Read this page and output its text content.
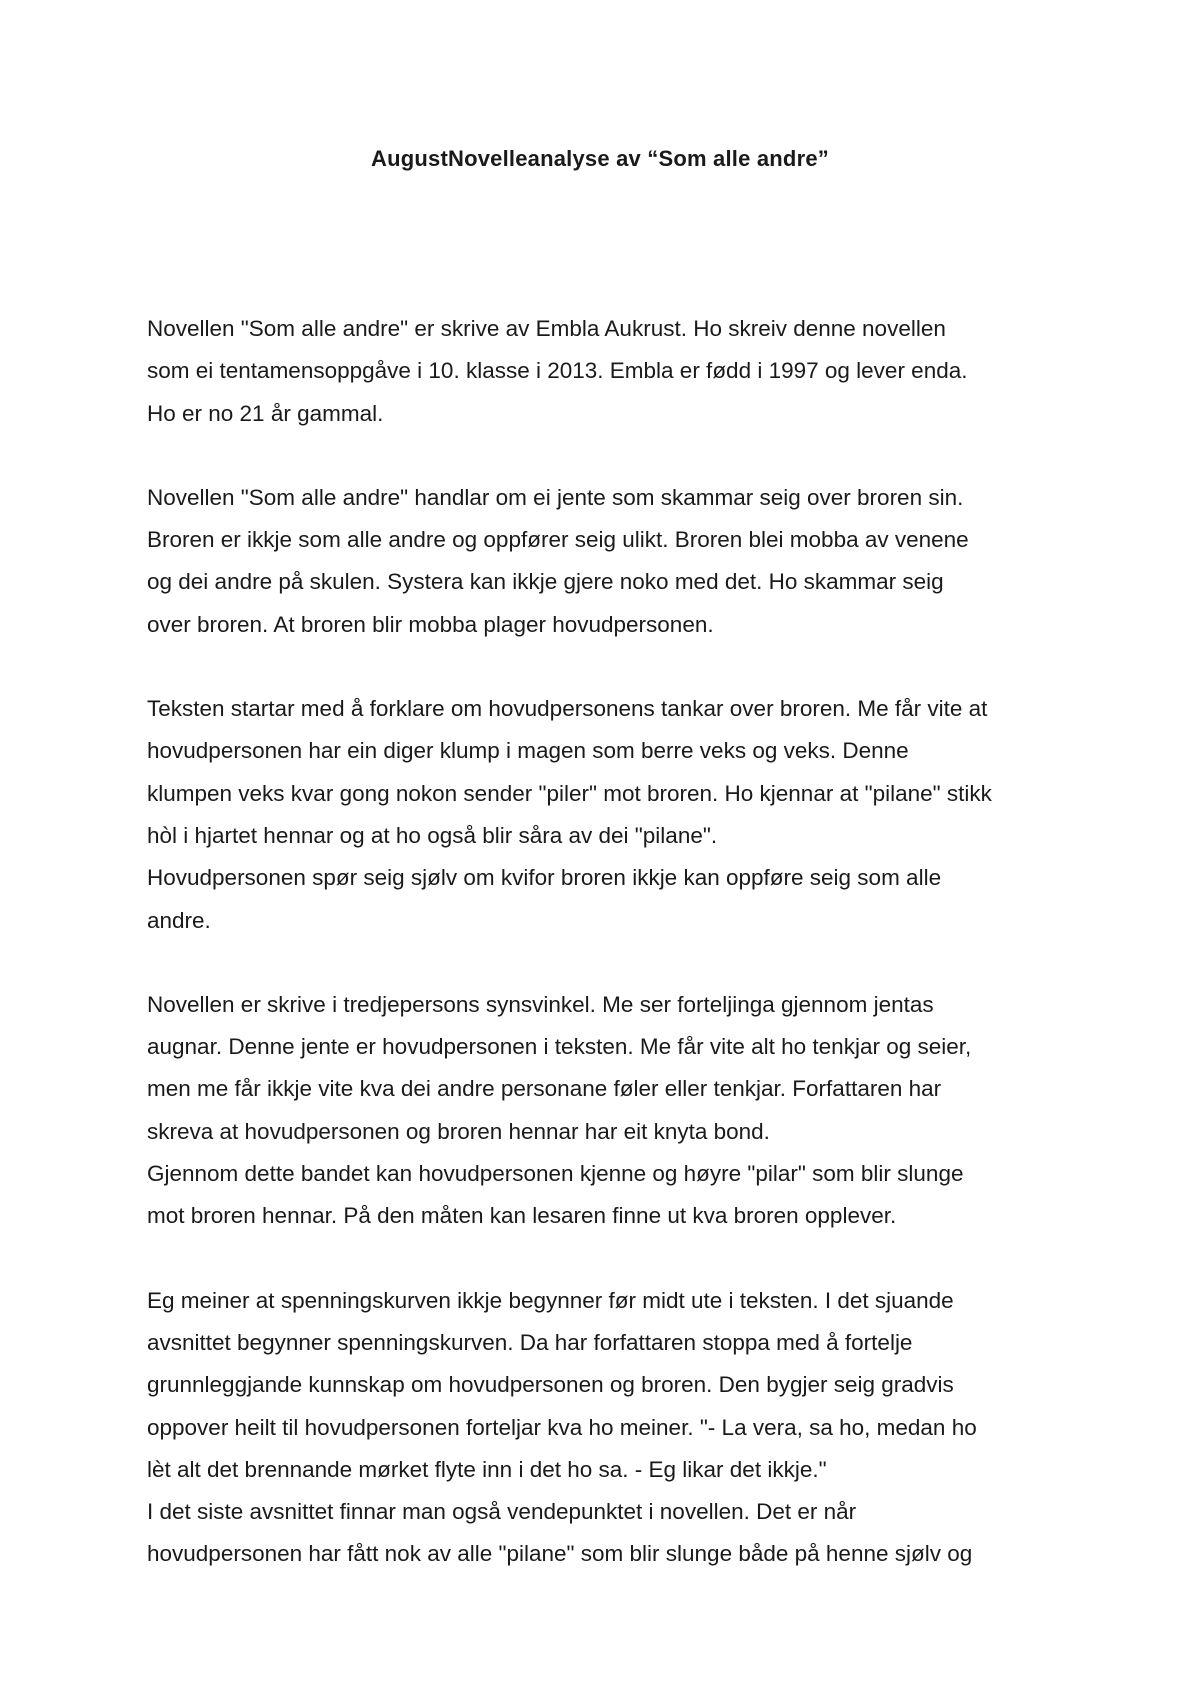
AugustNovelleanalyse av “Som alle andre”

Novellen "Som alle andre" er skrive av Embla Aukrust. Ho skreiv denne novellen
som ei tentamensoppgåve i 10. klasse i 2013. Embla er fødd i 1997 og lever enda.
Ho er no 21 år gammal.

Novellen "Som alle andre" handlar om ei jente som skammar seig over broren sin.
Broren er ikkje som alle andre og oppfører seig ulikt. Broren blei mobba av venene
og dei andre på skulen. Systera kan ikkje gjere noko med det. Ho skammar seig
over broren. At broren blir mobba plager hovudpersonen.

Teksten startar med å forklare om hovudpersonens tankar over broren. Me får vite at
hovudpersonen har ein diger klump i magen som berre veks og veks. Denne
klumpen veks kvar gong nokon sender "piler" mot broren. Ho kjennar at "pilane" stikk
hòl i hjartet hennar og at ho også blir såra av dei "pilane".
Hovudpersonen spør seig sjølv om kvifor broren ikkje kan oppføre seig som alle
andre.

Novellen er skrive i tredjepersons synsvinkel. Me ser forteljinga gjennom jentas
augnar. Denne jente er hovudpersonen i teksten. Me får vite alt ho tenkjar og seier,
men me får ikkje vite kva dei andre personane føler eller tenkjar. Forfattaren har
skreva at hovudpersonen og broren hennar har eit knyta bond.
Gjennom dette bandet kan hovudpersonen kjenne og høyre "pilar" som blir slunge
mot broren hennar. På den måten kan lesaren finne ut kva broren opplever.

Eg meiner at spenningskurven ikkje begynner før midt ute i teksten. I det sjuande
avsnittet begynner spenningskurven. Da har forfattaren stoppa med å fortelje
grunnleggjande kunnskap om hovudpersonen og broren. Den bygjer seig gradvis
oppover heilt til hovudpersonen forteljar kva ho meiner. "- La vera, sa ho, medan ho
lèt alt det brennande mørket flyte inn i det ho sa. - Eg likar det ikkje."
I det siste avsnittet finnar man også vendepunktet i novellen. Det er når
hovudpersonen har fått nok av alle "pilane" som blir slunge både på henne sjølv og
